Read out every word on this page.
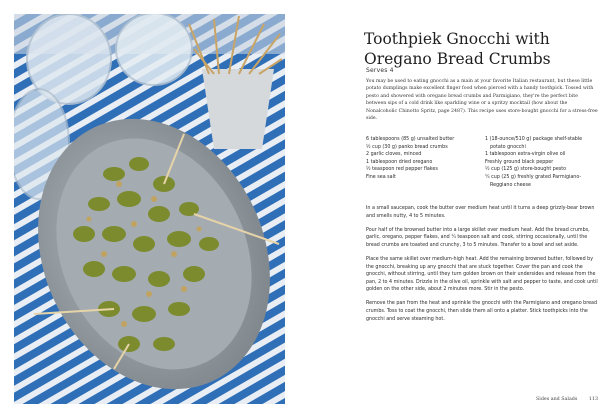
Toothpiek Gnocchi with Oregano Bread Crumbs
Serves 4

You may be used to eating gnocchi as a main at your favorite Italian restaurant, but these little potato dumplings make excellent finger food when pierced with a handy toothpick. Tossed with pesto and showered with oregano bread crumbs and Parmigiano, they're the perfect bite between sips of a cold drink like sparkling wine or a spritzy mocktail (how about the Nonalcoholic Chinotto Spritz, page 2487). This recipe uses store-bought gnocchi for a stress-free side.

6 tablespoons (85 g) unsalted butter
½ cup (30 g) panko bread crumbs
2 garlic cloves, minced
1 tablespoon dried oregano
½ teaspoon red pepper flakes
Fine sea salt
1 (18-ounce/510 g) package shelf-stable potato gnocchi
1 tablespoon extra-virgin olive oil
Freshly ground black pepper
½ cup (125 g) store-bought pesto
¼ cup (25 g) freshly grated Parmigiano-Reggiano cheese
In a small saucepan, cook the butter over medium heat until it turns a deep grizzly-bear brown and smells nutty, 4 to 5 minutes.
Pour half of the browned butter into a large skillet over medium heat. Add the bread crumbs, garlic, oregano, pepper flakes, and ¼ teaspoon salt and cook, stirring occasionally, until the bread crumbs are toasted and crunchy, 3 to 5 minutes. Transfer to a bowl and set aside.
Place the same skillet over medium-high heat. Add the remaining browned butter, followed by the gnocchi, breaking up any gnocchi that are stuck together. Cover the pan and cook the gnocchi, without stirring, until they turn golden brown on their undersides and release from the pan, 2 to 4 minutes. Drizzle in the olive oil, sprinkle with salt and pepper to taste, and cook until golden on the other side, about 2 minutes more. Stir in the pesto.
Remove the pan from the heat and sprinkle the gnocchi with the Parmigiano and oregano bread crumbs. Toss to coat the gnocchi, then slide them all onto a platter. Stick toothpicks into the gnocchi and serve steaming hot.
Sides and Salads 113
